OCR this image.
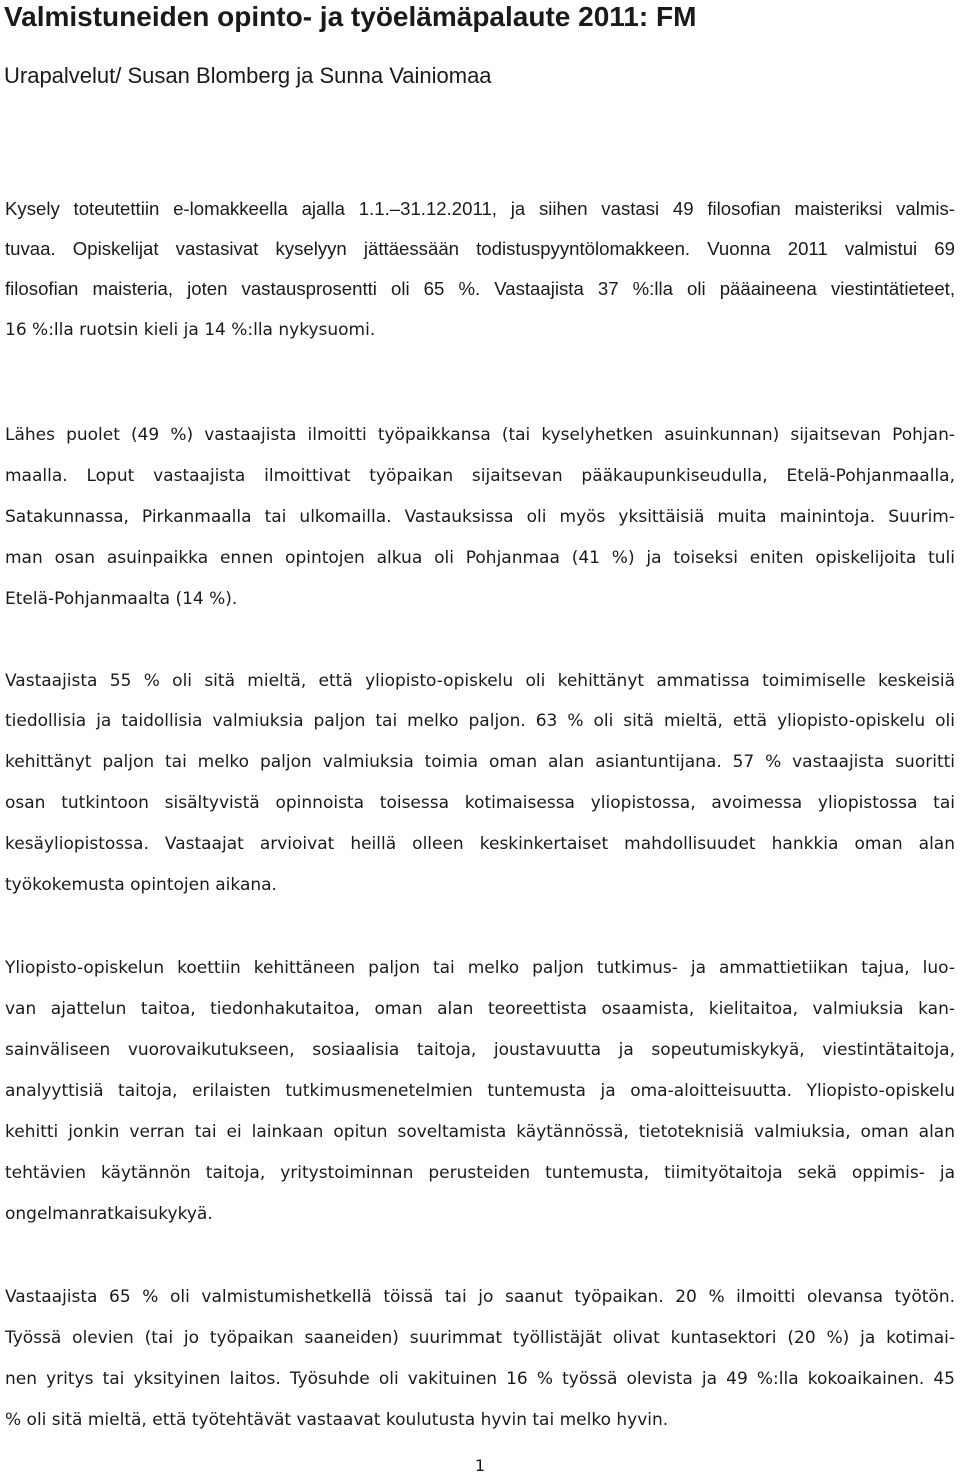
Valmistuneiden opinto- ja työelämäpalaute 2011: FM
Urapalvelut/ Susan Blomberg ja Sunna Vainiomaa
Kysely toteutettiin e-lomakkeella ajalla 1.1.–31.12.2011, ja siihen vastasi 49 filosofian maisteriksi valmis-
tuvaa. Opiskelijat vastasivat kyselyyn jättäessään todistuspyyntölomakkeen. Vuonna 2011 valmistui 69
filosofian maisteria, joten vastausprosentti oli 65 %. Vastaajista 37 %:lla oli pääaineena viestintätieteet,
16 %:lla ruotsin kieli ja 14 %:lla nykysuomi.
Lähes puolet (49 %) vastaajista ilmoitti työpaikkansa (tai kyselyhetken asuinkunnan) sijaitsevan Pohjan-
maalla. Loput vastaajista ilmoittivat työpaikan sijaitsevan pääkaupunkiseudulla, Etelä-Pohjanmaalla,
Satakunnassa, Pirkanmaalla tai ulkomailla. Vastauksissa oli myös yksittäisiä muita mainintoja. Suurim-
man osan asuinpaikka ennen opintojen alkua oli Pohjanmaa (41 %) ja toiseksi eniten opiskelijoita tuli
Etelä-Pohjanmaalta (14 %).
Vastaajista 55 % oli sitä mieltä, että yliopisto-opiskelu oli kehittänyt ammatissa toimimiselle keskeisiä
tiedollisia ja taidollisia valmiuksia paljon tai melko paljon. 63 % oli sitä mieltä, että yliopisto-opiskelu oli
kehittänyt paljon tai melko paljon valmiuksia toimia oman alan asiantuntijana. 57 % vastaajista suoritti
osan tutkintoon sisältyvistä opinnoista toisessa kotimaisessa yliopistossa, avoimessa yliopistossa tai
kesäyliopistossa. Vastaajat arvioivat heillä olleen keskinkertaiset mahdollisuudet hankkia oman alan
työkokemusta opintojen aikana.
Yliopisto-opiskelun koettiin kehittäneen paljon tai melko paljon tutkimus- ja ammattietiikan tajua, luo-
van ajattelun taitoa, tiedonhakutaitoa, oman alan teoreettista osaamista, kielitaitoa, valmiuksia kan-
sainväliseen vuorovaikutukseen, sosiaalisia taitoja, joustavuutta ja sopeutumiskykyä, viestintätaitoja,
analyyttisiä taitoja, erilaisten tutkimusmenetelmien tuntemusta ja oma-aloitteisuutta. Yliopisto-opiskelu
kehitti jonkin verran tai ei lainkaan opitun soveltamista käytännössä, tietoteknisiä valmiuksia, oman alan
tehtävien käytännön taitoja, yritystoiminnan perusteiden tuntemusta, tiimityötaitoja sekä oppimis- ja
ongelmanratkaisukykyä.
Vastaajista 65 % oli valmistumishetkellä töissä tai jo saanut työpaikan. 20 % ilmoitti olevansa työtön.
Työssä olevien (tai jo työpaikan saaneiden) suurimmat työllistäjät olivat kuntasektori (20 %) ja kotimai-
nen yritys tai yksityinen laitos. Työsuhde oli vakituinen 16 % työssä olevista ja 49 %:lla kokoaikainen. 45
% oli sitä mieltä, että työtehtävät vastaavat koulutusta hyvin tai melko hyvin.
1
